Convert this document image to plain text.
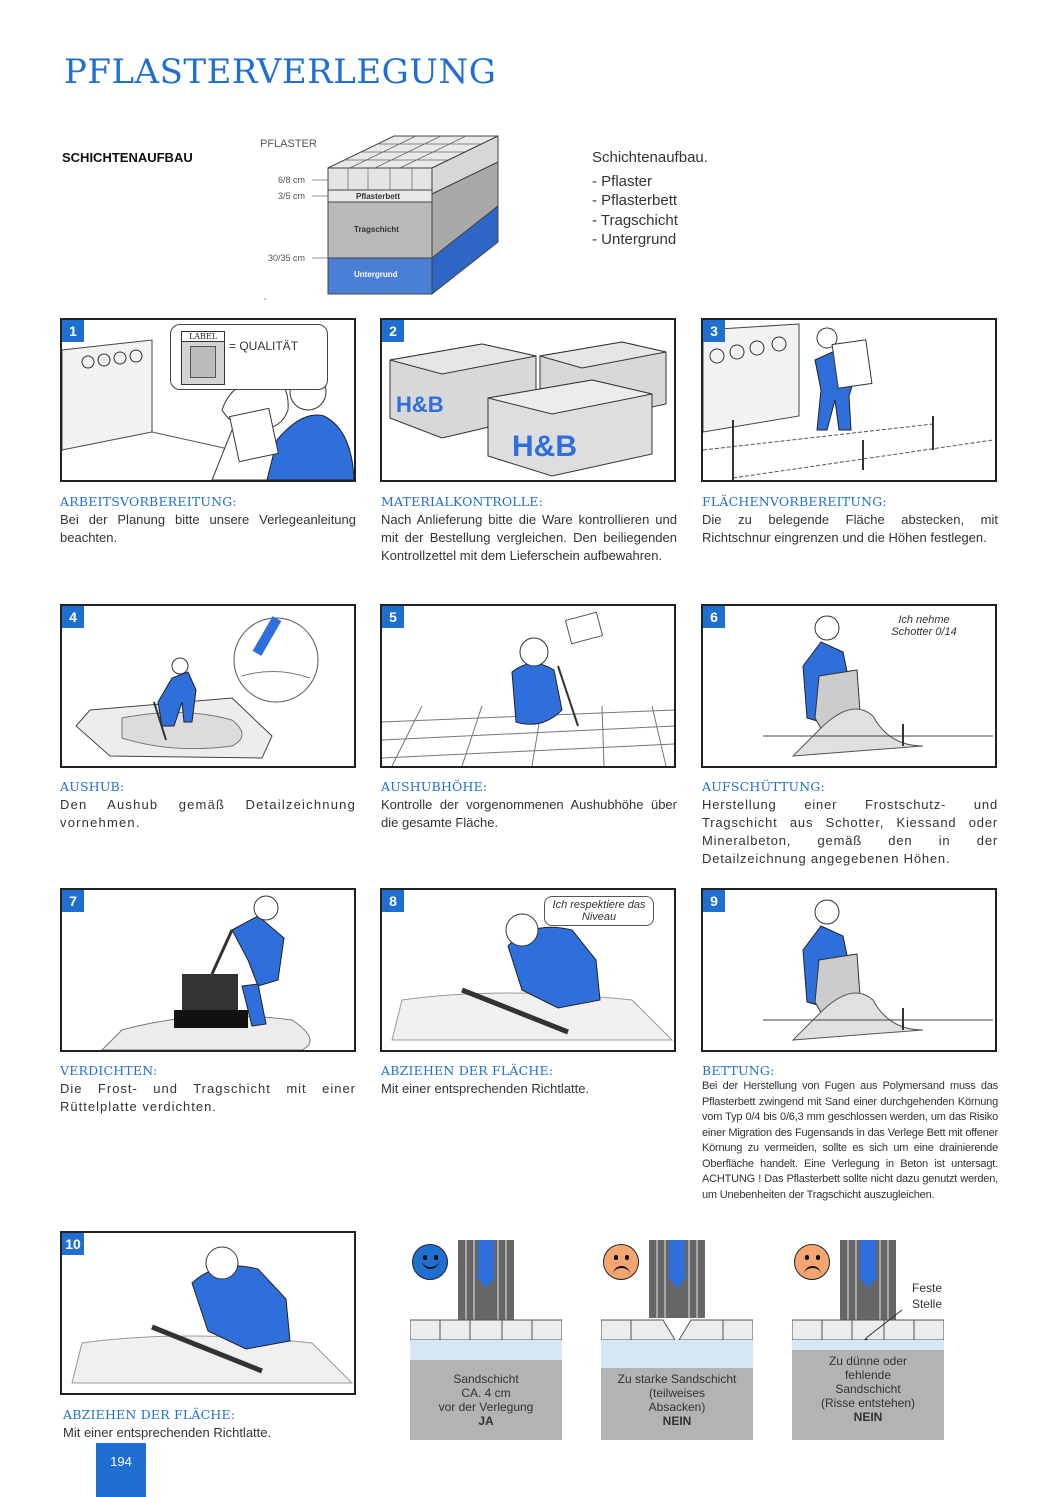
PFLASTERVERLEGUNG
SCHICHTENAUFBAU
PFLASTER
6/8 cm
3/5 cm
30/35 cm
Pflasterbett
Tragschicht
Untergrund
Schichtenaufbau.
- Pflaster
- Pflasterbett
- Tragschicht
- Untergrund
1	LABEL
= QUALITÄT
ARBEITSVORBEREITUNG:
Bei der Planung bitte unsere Verlegeanleitung beachten.
H&B
H&B
2
MATERIALKONTROLLE:
Nach Anlieferung bitte die Ware kontrollieren und mit der Bestellung vergleichen. Den beiliegenden Kontrollzettel mit dem Lieferschein aufbewahren.
3
FLÄCHENVORBEREITUNG:
Die zu belegende Fläche abstecken, mit Richtschnur eingrenzen und die Höhen festlegen.
4
AUSHUB:
Den Aushub gemäß Detailzeichnung vornehmen.
5
AUSHUBHÖHE:
Kontrolle der vorgenommenen Aushubhöhe über die gesamte Fläche.
6	Ich nehme Schotter 0/14
AUFSCHÜTTUNG:
Herstellung einer Frostschutz- und Tragschicht aus Schotter, Kiessand oder Mineralbeton, gemäß den in der Detailzeichnung angegebenen Höhen.
7
VERDICHTEN:
Die Frost- und Tragschicht mit einer Rüttelplatte verdichten.
8	Ich respektiere das Niveau
ABZIEHEN DER FLÄCHE:
Mit einer entsprechenden Richtlatte.
9
BETTUNG:
Bei der Herstellung von Fugen aus Polymersand muss das Pflasterbett zwingend mit Sand einer durchgehenden Körnung vom Typ 0/4 bis 0/6,3 mm geschlossen werden, um das Risiko einer Migration des Fugensands in das Verlege Bett mit offener Körnung zu vermeiden, sollte es sich um eine drainierende Oberfläche handelt. Eine Verlegung in Beton ist untersagt. ACHTUNG ! Das Pflasterbett sollte nicht dazu genutzt werden, um Unebenheiten der Tragschicht auszugleichen.
10
ABZIEHEN DER FLÄCHE:
Mit einer entsprechenden Richtlatte.
Sandschicht
CA. 4 cm
vor der Verlegung
JA
Zu starke Sandschicht
(teilweises
Absacken)
NEIN
Feste
Stelle
Zu dünne oder
fehlende
Sandschicht
(Risse entstehen)
NEIN
194
